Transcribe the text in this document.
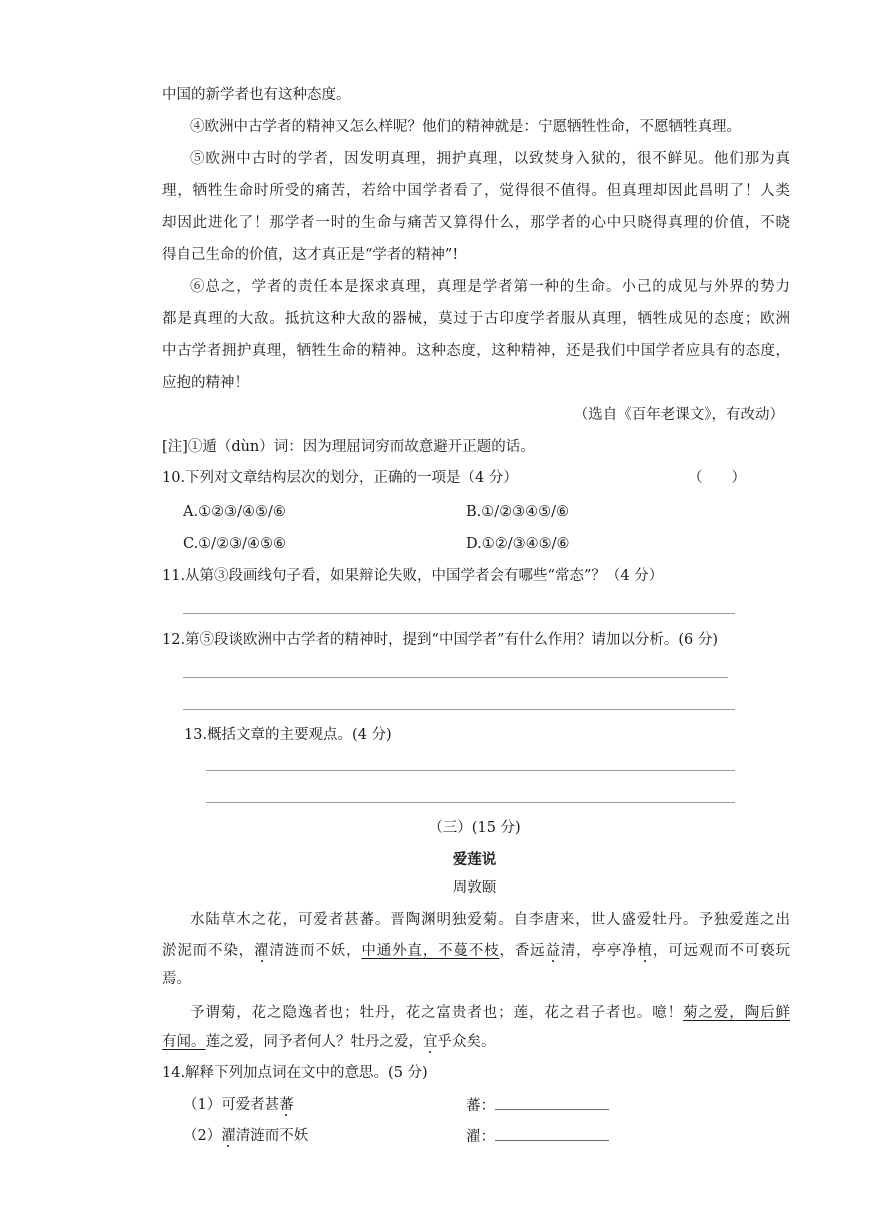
中国的新学者也有这种态度。
④欧洲中古学者的精神又怎么样呢？他们的精神就是：宁愿牺牲性命，不愿牺牲真理。
⑤欧洲中古时的学者，因发明真理，拥护真理，以致焚身入狱的，很不鲜见。他们那为真
理，牺牲生命时所受的痛苦，若给中国学者看了，觉得很不值得。但真理却因此昌明了！人类
却因此进化了！那学者一时的生命与痛苦又算得什么，那学者的心中只晓得真理的价值，不晓
得自己生命的价值，这才真正是“学者的精神”!
⑥总之，学者的责任本是探求真理，真理是学者第一种的生命。小己的成见与外界的势力
都是真理的大敌。抵抗这种大敌的器械，莫过于古印度学者服从真理，牺牲成见的态度；欧洲
中古学者拥护真理，牺牲生命的精神。这种态度，这种精神，还是我们中国学者应具有的态度，
应抱的精神！
（选自《百年老课文》，有改动）
[注]①遁（dùn）词：因为理屈词穷而故意避开正题的话。
10.下列对文章结构层次的划分，正确的一项是（4 分）	（　　）
A.①②③/④⑤/⑥	B.①/②③④⑤/⑥
C.①/②③/④⑤⑥	D.①②/③④⑤/⑥
11.从第③段画线句子看，如果辩论失败，中国学者会有哪些“常态”？（4 分）
12.第⑤段谈欧洲中古学者的精神时，提到“中国学者”有什么作用？请加以分析。(6 分)
13.概括文章的主要观点。(4 分)
（三）(15 分)
爱莲说
周敦颐
水陆草木之花，可爱者甚蕃。晋陶渊明独爱菊。自李唐来，世人盛爱牡丹。予独爱莲之出
淤泥而不染，濯清涟而不妖，中通外直，不蔓不枝，香远益清，亭亭净植，可远观而不可亵玩
焉。
予谓菊，花之隐逸者也；牡丹，花之富贵者也；莲，花之君子者也。噫！菊之爱，陶后鲜
有闻。莲之爱，同予者何人？牡丹之爱，宜乎众矣。
14.解释下列加点词在文中的意思。(5 分)
（1）可爱者甚蕃	蕃：
（2）濯清涟而不妖	濯：
